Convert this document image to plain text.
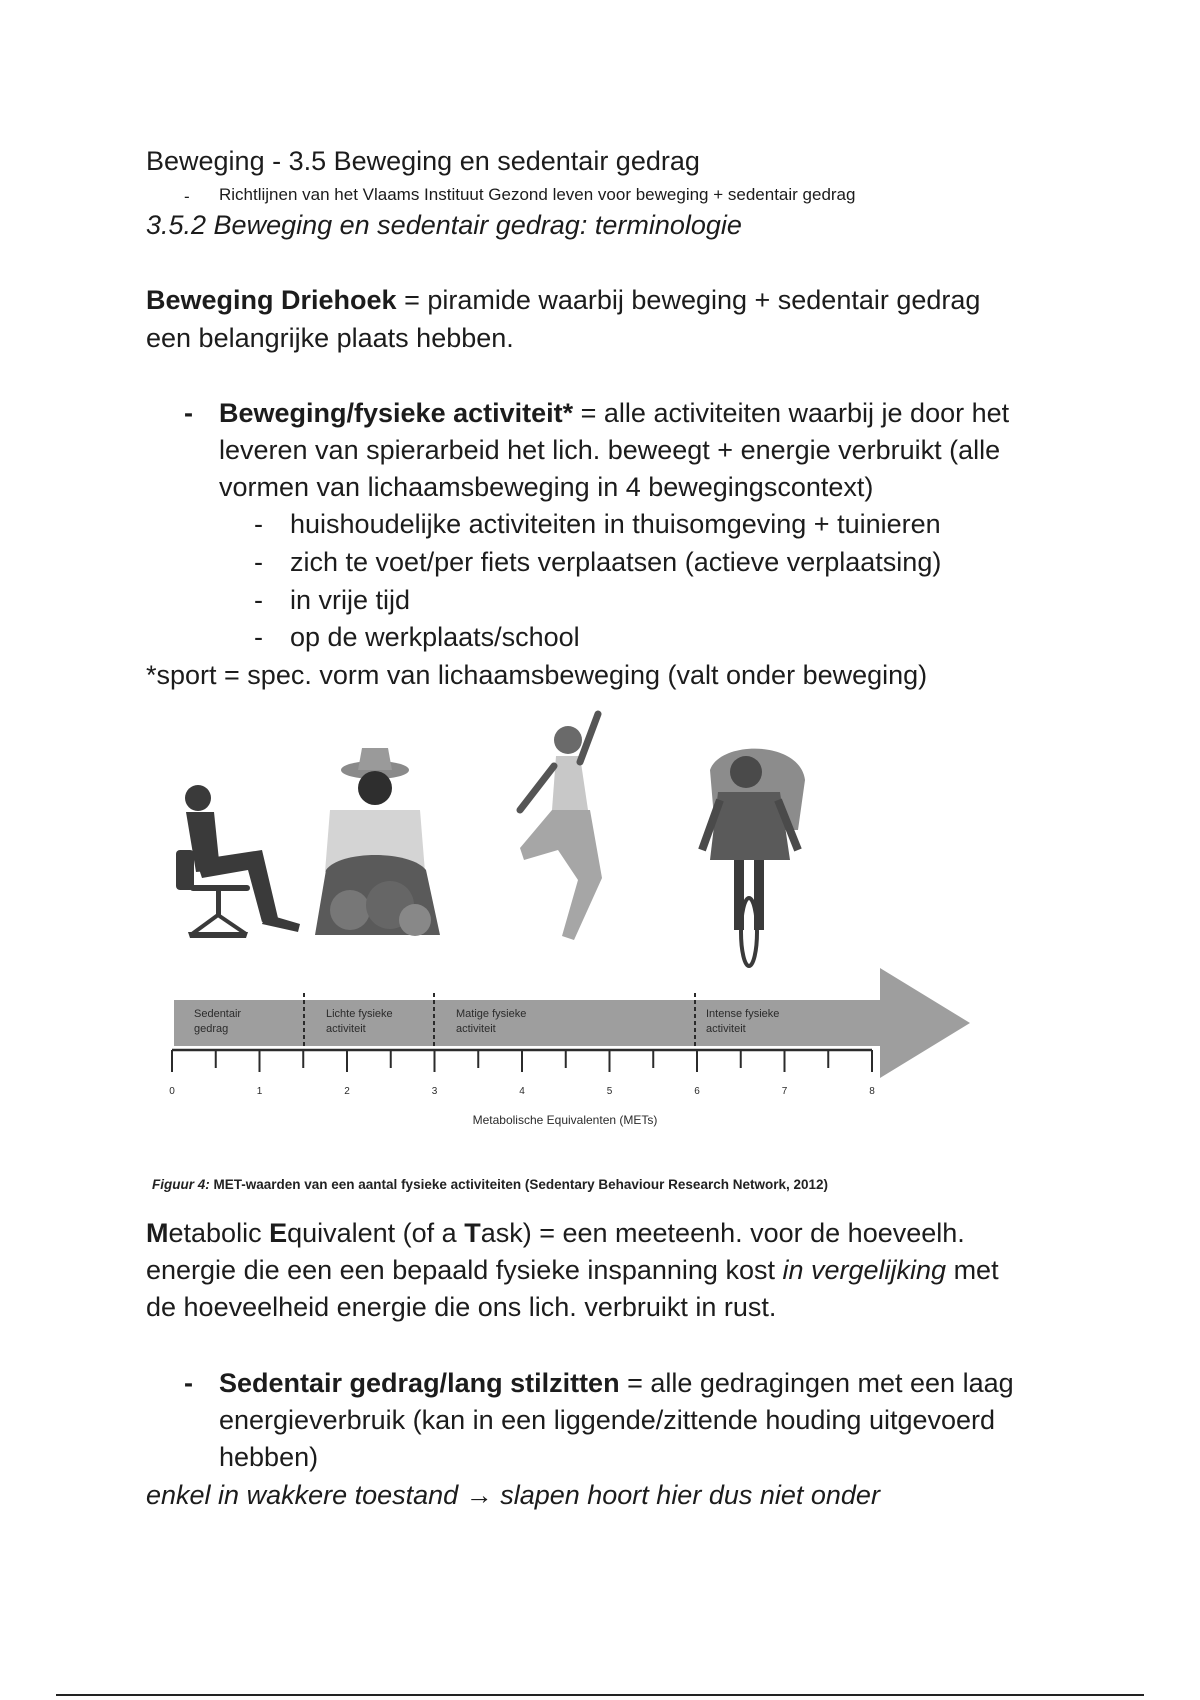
Beweging - 3.5 Beweging en sedentair gedrag
- Richtlijnen van het Vlaams Instituut Gezond leven voor beweging + sedentair gedrag
3.5.2 Beweging en sedentair gedrag: terminologie
Beweging Driehoek = piramide waarbij beweging + sedentair gedrag
een belangrijke plaats hebben.
- Beweging/fysieke activiteit* = alle activiteiten waarbij je door het
leveren van spierarbeid het lich. beweegt + energie verbruikt (alle
vormen van lichaamsbeweging in 4 bewegingscontext)
- huishoudelijke activiteiten in thuisomgeving + tuinieren
- zich te voet/per fiets verplaatsen (actieve verplaatsing)
- in vrije tijd
- op de werkplaats/school
*sport = spec. vorm van lichaamsbeweging (valt onder beweging)
0	1	2	3	4	5	6	7	8
Sedentair
gedrag
Lichte fysieke
activiteit
Matige fysieke
activiteit
Intense fysieke
activiteit
Metabolische Equivalenten (METs)
Figuur 4: MET-waarden van een aantal fysieke activiteiten (Sedentary Behaviour Research Network, 2012)
Metabolic Equivalent (of a Task) = een meeteenh. voor de hoeveelh.
energie die een een bepaald fysieke inspanning kost in vergelijking met
de hoeveelheid energie die ons lich. verbruikt in rust.
- Sedentair gedrag/lang stilzitten = alle gedragingen met een laag
energieverbruik (kan in een liggende/zittende houding uitgevoerd
hebben)
enkel in wakkere toestand → slapen hoort hier dus niet onder
